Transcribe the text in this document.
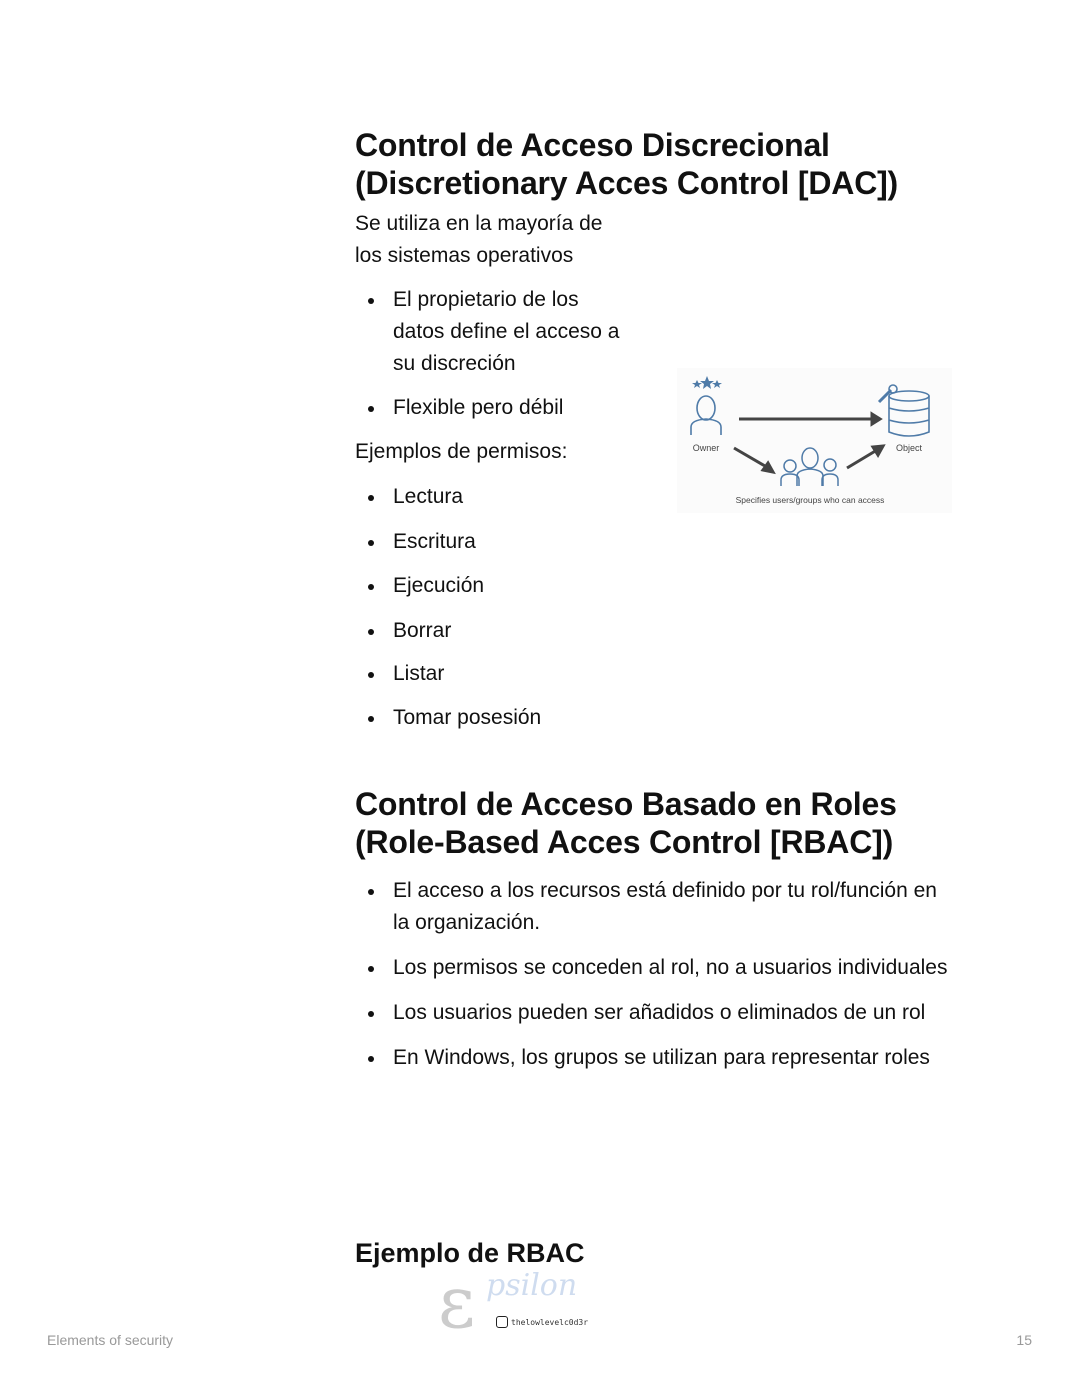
Control de Acceso Discrecional
(Discretionary Acces Control [DAC])

Se utiliza en la mayoría de los sistemas operativos

El propietario de los datos define el acceso a su discreción
Flexible pero débil

Ejemplos de permisos:

Lectura
Escritura
Ejecución
Borrar
Listar
Tomar posesión
Owner	Object
Specifies users/groups who can access
Control de Acceso Basado en Roles
(Role-Based Acces Control [RBAC])
El acceso a los recursos está definido por tu rol/función en la organización.
Los permisos se conceden al rol, no a usuarios individuales
Los usuarios pueden ser añadidos o eliminados de un rol
En Windows, los grupos se utilizan para representar roles
Ejemplo de RBAC
ε psilon
thelowlevelc0d3r
Elements of security	15
